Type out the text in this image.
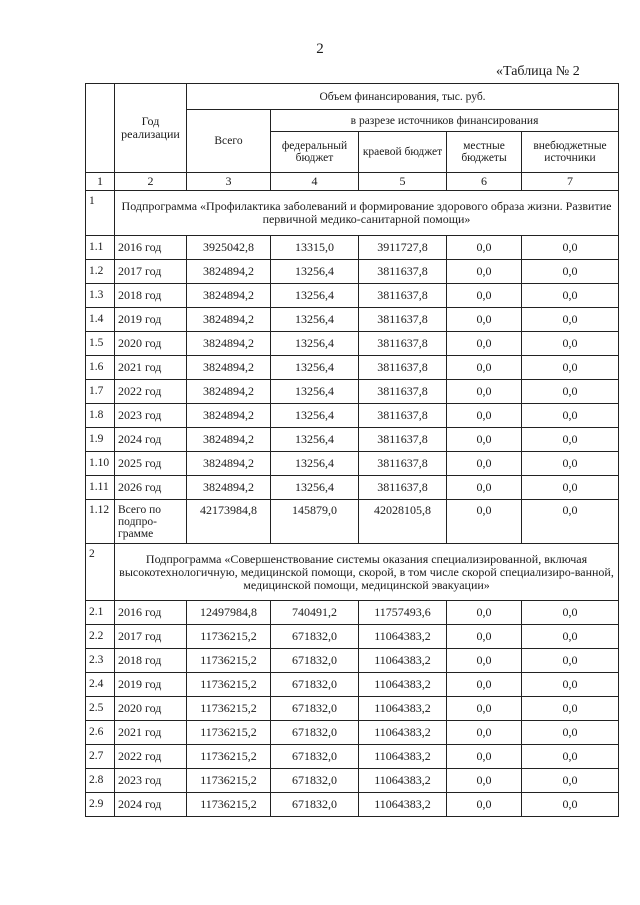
2
«Таблица № 2
	Год реализации	Объем финансирования, тыс. руб.				
		Всего	в разрезе источников финансирования			
			федеральный бюджет	краевой бюджет	местные бюджеты	внебюджетные источники
1	2	3	4	5	6	7
1	Подпрограмма «Профилактика заболеваний и формирование здорового образа жизни. Развитие первичной медико-санитарной помощи»					
1.1	2016 год	3925042,8	13315,0	3911727,8	0,0	0,0
1.2	2017 год	3824894,2	13256,4	3811637,8	0,0	0,0
1.3	2018 год	3824894,2	13256,4	3811637,8	0,0	0,0
1.4	2019 год	3824894,2	13256,4	3811637,8	0,0	0,0
1.5	2020 год	3824894,2	13256,4	3811637,8	0,0	0,0
1.6	2021 год	3824894,2	13256,4	3811637,8	0,0	0,0
1.7	2022 год	3824894,2	13256,4	3811637,8	0,0	0,0
1.8	2023 год	3824894,2	13256,4	3811637,8	0,0	0,0
1.9	2024 год	3824894,2	13256,4	3811637,8	0,0	0,0
1.10	2025 год	3824894,2	13256,4	3811637,8	0,0	0,0
1.11	2026 год	3824894,2	13256,4	3811637,8	0,0	0,0
1.12	Всего по подпро-грамме	42173984,8	145879,0	42028105,8	0,0	0,0
2	Подпрограмма «Совершенствование системы оказания специализированной, включая высокотехнологичную, медицинской помощи, скорой, в том числе скорой специализиро-ванной, медицинской помощи, медицинской эвакуации»					
2.1	2016 год	12497984,8	740491,2	11757493,6	0,0	0,0
2.2	2017 год	11736215,2	671832,0	11064383,2	0,0	0,0
2.3	2018 год	11736215,2	671832,0	11064383,2	0,0	0,0
2.4	2019 год	11736215,2	671832,0	11064383,2	0,0	0,0
2.5	2020 год	11736215,2	671832,0	11064383,2	0,0	0,0
2.6	2021 год	11736215,2	671832,0	11064383,2	0,0	0,0
2.7	2022 год	11736215,2	671832,0	11064383,2	0,0	0,0
2.8	2023 год	11736215,2	671832,0	11064383,2	0,0	0,0
2.9	2024 год	11736215,2	671832,0	11064383,2	0,0	0,0
